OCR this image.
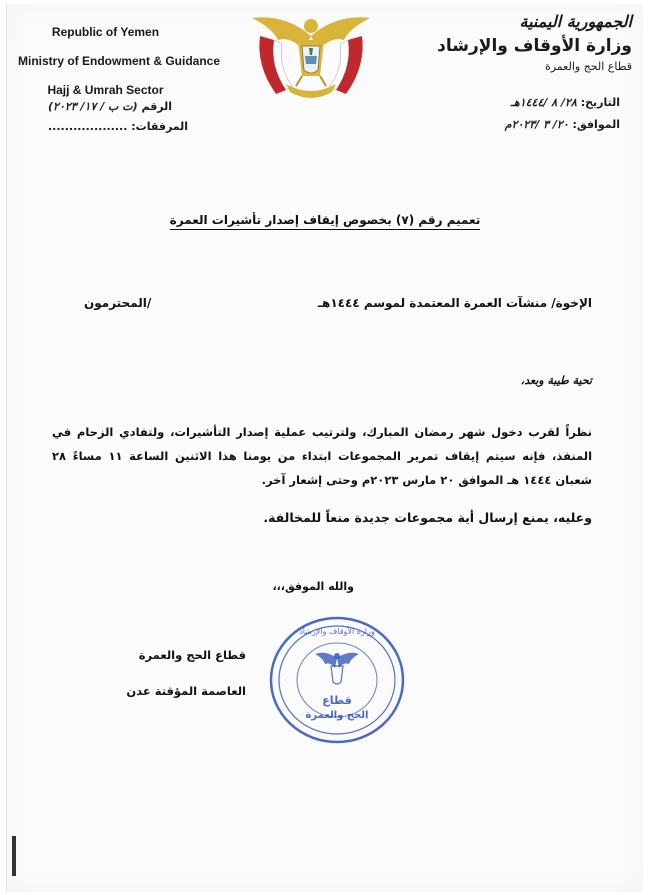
Republic of Yemen
Ministry of Endowment & Guidance
Hajj & Umrah Sector
الجمهورية اليمنية
وزارة الأوقاف والإرشاد
قطاع الحج والعمرة
الرقم (ت ب / ١٧/ ٢٠٢٣)
المرفقات: ...................
التاريخ: ٢٨/ ٨ /١٤٤٤هـ
الموافق: ٢٠/ ٣ /٢٠٢٣م
تعميم رقم (٧) بخصوص إيقاف إصدار تأشيرات العمرة
الإخوة/ منشآت العمرة المعتمدة لموسم ١٤٤٤هـ
/المحترمون
تحية طيبة وبعد،

نظراً لقرب دخول شهر رمضان المبارك، ولترتيب عملية إصدار التأشيرات، ولتفادي الزحام في المنفذ، فإنه سيتم إيقاف تمرير المجموعات ابتداء من يومنا هذا الاثنين الساعة ١١ مساءً ٢٨ شعبان ١٤٤٤ هـ الموافق ٢٠ مارس ٢٠٢٣م وحتى إشعار آخر.

وعليه، يمنع إرسال أية مجموعات جديدة منعاً للمخالفة.
والله الموفق،،،
قطاع الحج والعمرة
العاصمة المؤقتة عدن
قطاع
الحج والعمرة
وزارة الأوقاف والإرشاد
